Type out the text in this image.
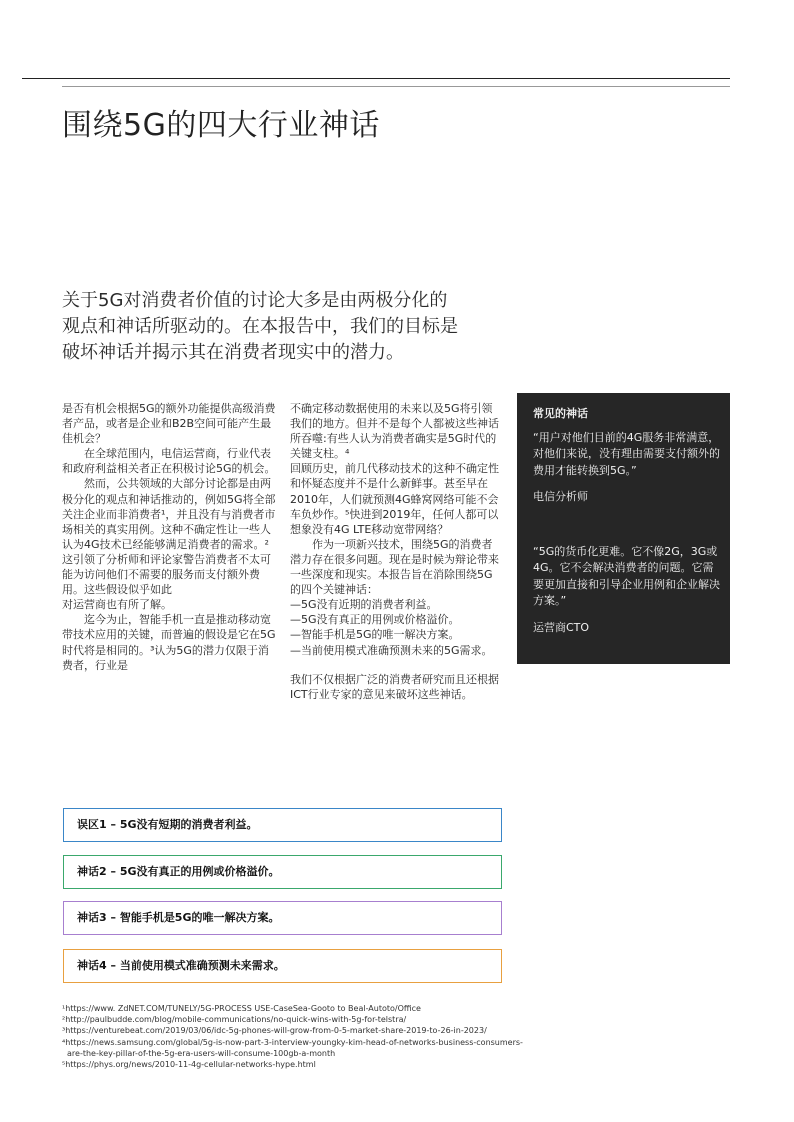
围绕5G的四大行业神话

关于5G对消费者价值的讨论大多是由两极分化的观点和神话所驱动的。在本报告中，我们的目标是破坏神话并揭示其在消费者现实中的潜力。

是否有机会根据5G的额外功能提供高级消费者产品，或者是企业和B2B空间可能产生最佳机会？

在全球范围内，电信运营商，行业代表和政府利益相关者正在积极讨论5G的机会。

然而，公共领域的大部分讨论都是由两极分化的观点和神话推动的，例如5G将全部关注企业而非消费者¹，并且没有与消费者市场相关的真实用例。这种不确定性让一些人认为4G技术已经能够满足消费者的需求。²这引领了分析师和评论家警告消费者不太可能为访问他们不需要的服务而支付额外费用。这些假设似乎如此

对运营商也有所了解。

迄今为止，智能手机一直是推动移动宽带技术应用的关键，而普遍的假设是它在5G时代将是相同的。³认为5G的潜力仅限于消费者，行业是

不确定移动数据使用的未来以及5G将引领我们的地方。但并不是每个人都被这些神话所吞噬:有些人认为消费者确实是5G时代的关键支柱。⁴

回顾历史，前几代移动技术的这种不确定性和怀疑态度并不是什么新鲜事。甚至早在2010年，人们就预测4G蜂窝网络可能不会车负炒作。⁵快进到2019年，任何人都可以想象没有4G LTE移动宽带网络？

作为一项新兴技术，围绕5G的消费者潜力存在很多问题。现在是时候为辩论带来一些深度和现实。本报告旨在消除围绕5G的四个关键神话：

—5G没有近期的消费者利益。

—5G没有真正的用例或价格溢价。

—智能手机是5G的唯一解决方案。

—当前使用模式准确预测未来的5G需求。

我们不仅根据广泛的消费者研究而且还根据ICT行业专家的意见来破坏这些神话。

常见的神话

“用户对他们目前的4G服务非常满意，对他们来说，没有理由需要支付额外的费用才能转换到5G。”

电信分析师

“5G的货币化更难。它不像2G，3G或4G。它不会解决消费者的问题。它需要更加直接和引导企业用例和企业解决方案。”

运营商CTO

误区1 – 5G没有短期的消费者利益。
神话2 – 5G没有真正的用例或价格溢价。
神话3 – 智能手机是5G的唯一解决方案。
神话4 – 当前使用模式准确预测未来需求。

¹https://www. ZdNET.COM/TUNELY/5G-PROCESS USE-CaseSea-Gooto to Beal-Autoto/Office

²http://paulbudde.com/blog/mobile-communications/no-quick-wins-with-5g-for-telstra/

³https://venturebeat.com/2019/03/06/idc-5g-phones-will-grow-from-0-5-market-share-2019-to-26-in-2023/

⁴https://news.samsung.com/global/5g-is-now-part-3-interview-youngky-kim-head-of-networks-business-consumers-

are-the-key-pillar-of-the-5g-era-users-will-consume-100gb-a-month

⁵https://phys.org/news/2010-11-4g-cellular-networks-hype.html
